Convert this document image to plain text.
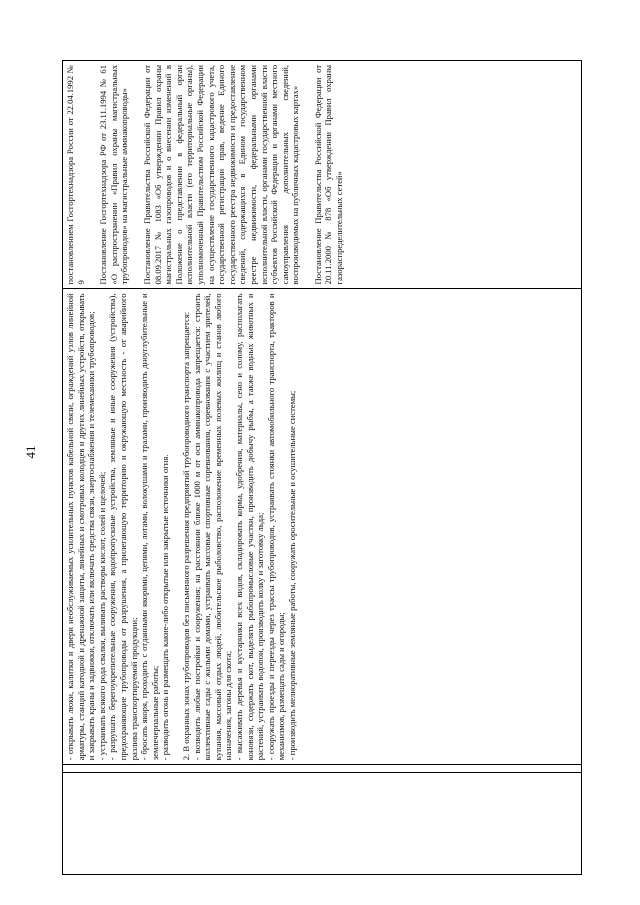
41	- открывать люки, калитки и двери необслуживаемых усилительных пунктов кабельной связи, ограждений узлов линейной арматуры, станций катодной и дренажной защиты, линейных и смотровых колодцев и других линейных устройств, открывать и закрывать краны и задвижки, отключать или включать средства связи, энергоснабжения и телемеханики трубопроводов; - устраивать всякого рода свалки, выливать растворы кислот, солей и щелочей; - разрушать берегоукрепительные сооружения, водопропускные устройства, земляные и иные сооружения (устройства), предохраняющие трубопроводы от разрушения, а прилегающую территорию и окружающую местность - от аварийного разлива транспортируемой продукции; - бросать якоря, проходить с отданными якорями, цепями, лотами, волокушами и тралами, производить дноуглубительные и землечерпальные работы; - разводить огонь и размещать какие-либо открытые или закрытые источники огня. 2. В охранных зонах трубопроводов без письменного разрешения предприятий трубопроводного транспорта запрещается: - возводить любые постройки и сооружения; на расстоянии ближе 1000 м от оси аммиакопровода запрещается: строить коллективные сады с жилыми домами, устраивать массовые спортивные соревнования, соревнования с участием зрителей, купания, массовый отдых людей, любительское рыболовство, расположение временных полевых жилищ и станов любого назначения, загоны для скота; - высаживать деревья и кустарники всех видов, складировать корма, удобрения, материалы, сено и солому, располагать коновязи, содержать скот, выделять рыбопромысловые участки, производить добычу рыбы, а также водных животных и растений, устраивать водопои, производить колку и заготовку льда; - сооружать проезды и переезды через трассы трубопроводов, устраивать стоянки автомобильного транспорта, тракторов и механизмов, размещать сады и огороды; - производить мелиоративные земляные работы, сооружать оросительные и осушительные системы;

постановлением Госгортехнадзора России от 22.04.1992 № 9 Постановление Госгортехнадзора РФ от 23.11.1994 № 61 «О распространении «Правил охраны магистральных трубопроводов» на магистральные аммиакопроводы» Постановление Правительства Российской Федерации от 08.09.2017 № 1083 «Об утверждении Правил охраны магистральных газопроводов и о внесении изменений в Положение о представлении в федеральный орган исполнительной власти (его территориальные органы), уполномоченный Правительством Российской Федерации на осуществление государственного кадастрового учета, государственной регистрации прав, ведение Единого государственного реестра недвижимости и предоставление сведений, содержащихся в Едином государственном реестре недвижимости, федеральными органами исполнительной власти, органами государственной власти субъектов Российской Федерации и органами местного самоуправления дополнительных сведений, воспроизводимых на публичных кадастровых картах» Постановление Правительства Российской Федерации от 20.11.2000 № 878 «Об утверждении Правил охраны газораспределительных сетей»
